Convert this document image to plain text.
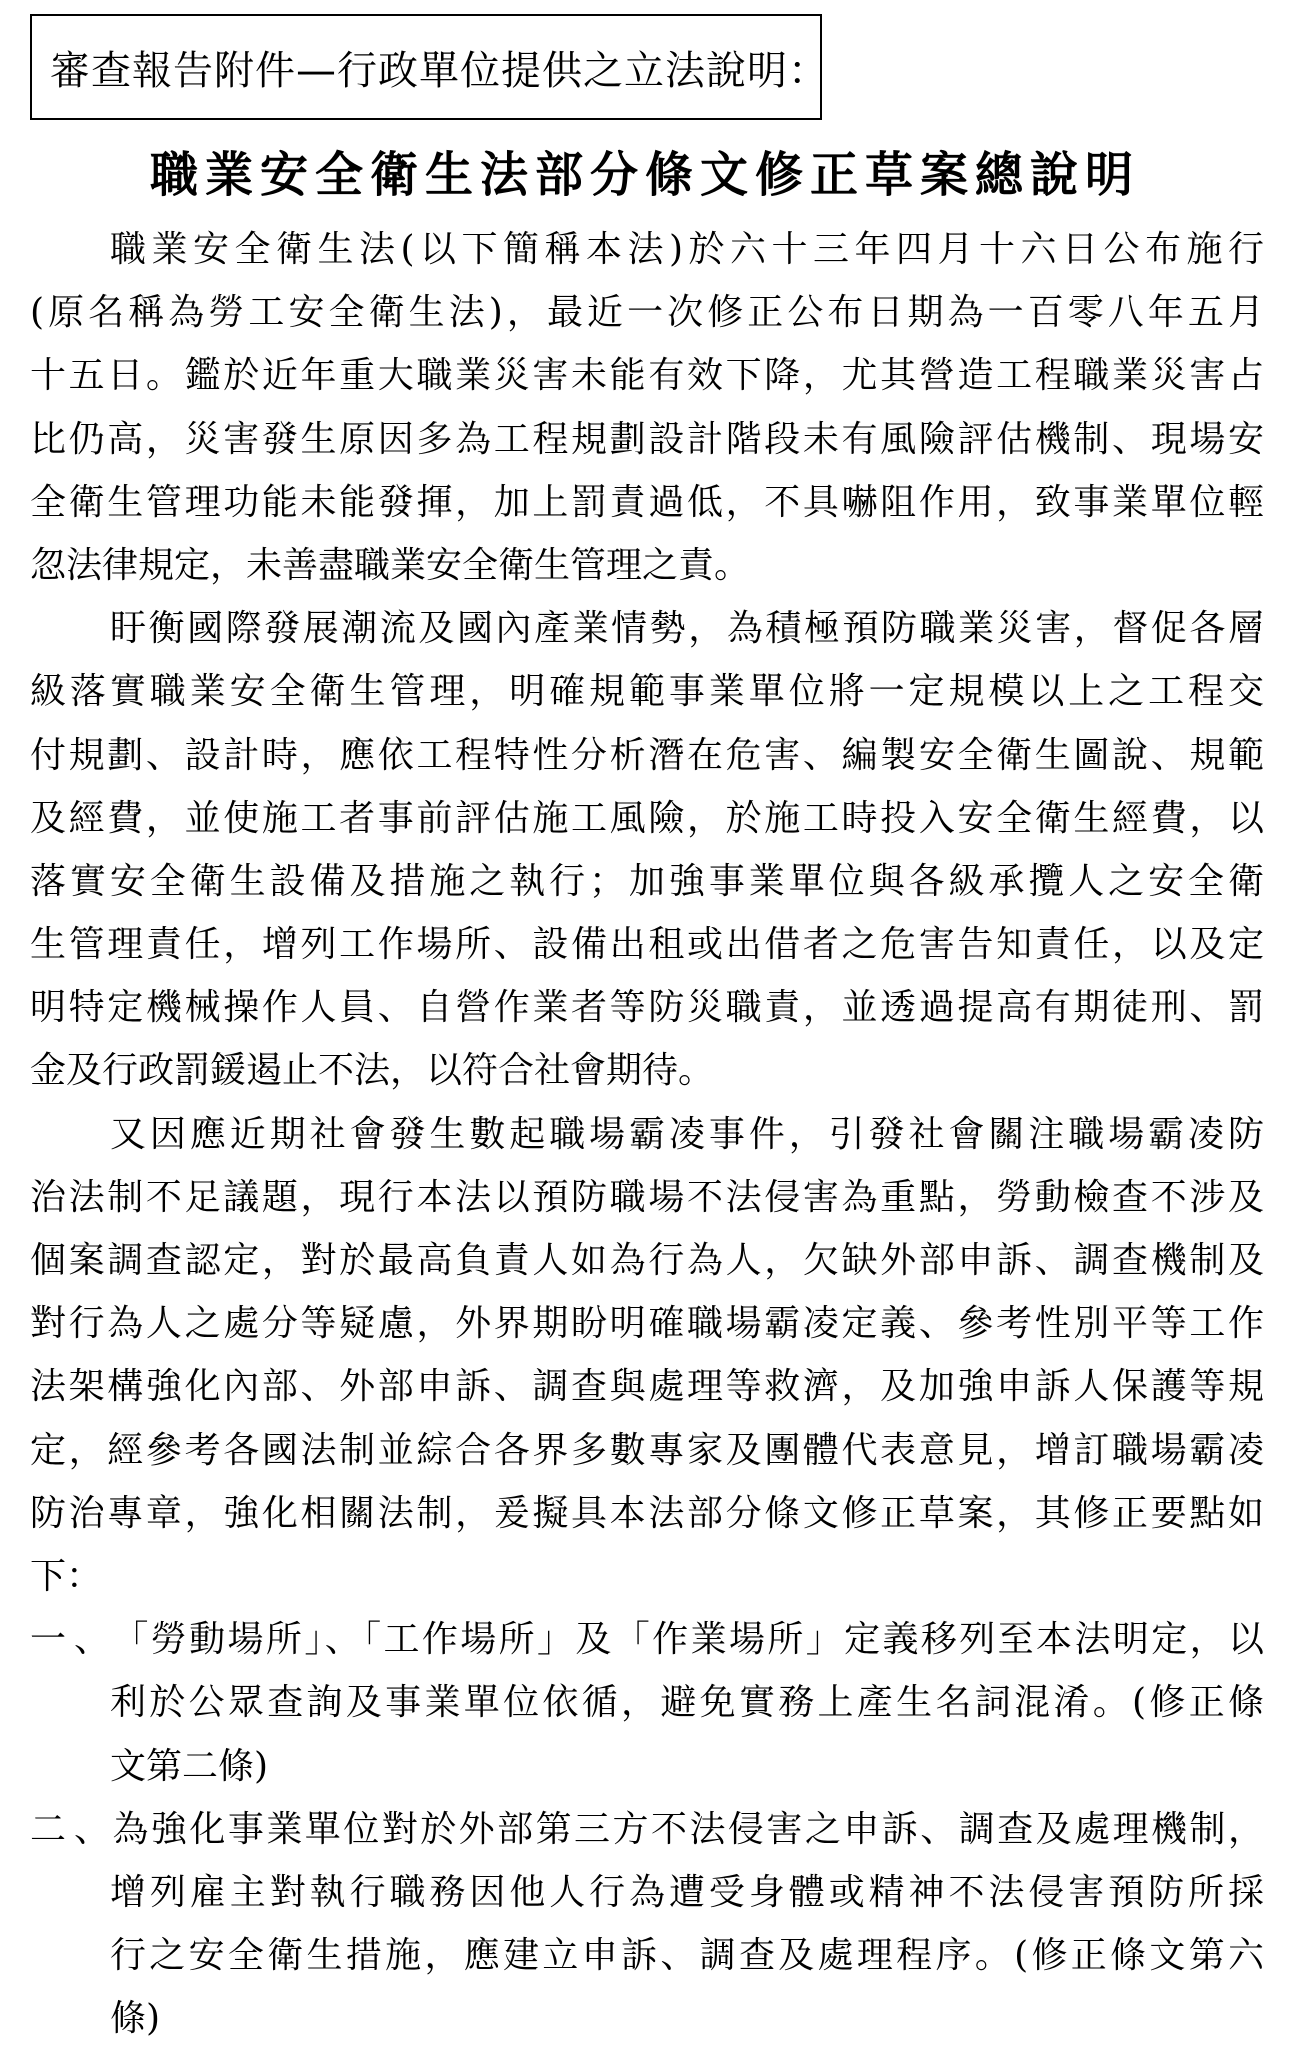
審查報告附件—行政單位提供之立法說明：
職業安全衛生法部分條文修正草案總說明
職業安全衛生法(以下簡稱本法)於六十三年四月十六日公布施行
(原名稱為勞工安全衛生法)，最近一次修正公布日期為一百零八年五月
十五日。鑑於近年重大職業災害未能有效下降，尤其營造工程職業災害占
比仍高，災害發生原因多為工程規劃設計階段未有風險評估機制、現場安
全衛生管理功能未能發揮，加上罰責過低，不具嚇阻作用，致事業單位輕
忽法律規定，未善盡職業安全衛生管理之責。
盱衡國際發展潮流及國內產業情勢，為積極預防職業災害，督促各層
級落實職業安全衛生管理，明確規範事業單位將一定規模以上之工程交
付規劃、設計時，應依工程特性分析潛在危害、編製安全衛生圖說、規範
及經費，並使施工者事前評估施工風險，於施工時投入安全衛生經費，以
落實安全衛生設備及措施之執行；加強事業單位與各級承攬人之安全衛
生管理責任，增列工作場所、設備出租或出借者之危害告知責任，以及定
明特定機械操作人員、自營作業者等防災職責，並透過提高有期徒刑、罰
金及行政罰鍰遏止不法，以符合社會期待。
又因應近期社會發生數起職場霸凌事件，引發社會關注職場霸凌防
治法制不足議題，現行本法以預防職場不法侵害為重點，勞動檢查不涉及
個案調查認定，對於最高負責人如為行為人，欠缺外部申訴、調查機制及
對行為人之處分等疑慮，外界期盼明確職場霸凌定義、參考性別平等工作
法架構強化內部、外部申訴、調查與處理等救濟，及加強申訴人保護等規
定，經參考各國法制並綜合各界多數專家及團體代表意見，增訂職場霸凌
防治專章，強化相關法制，爰擬具本法部分條文修正草案，其修正要點如
下：
一、「勞動場所」、「工作場所」及「作業場所」定義移列至本法明定，以
利於公眾查詢及事業單位依循，避免實務上產生名詞混淆。(修正條
文第二條)
二、為強化事業單位對於外部第三方不法侵害之申訴、調查及處理機制，
增列雇主對執行職務因他人行為遭受身體或精神不法侵害預防所採
行之安全衛生措施，應建立申訴、調查及處理程序。(修正條文第六
條)
